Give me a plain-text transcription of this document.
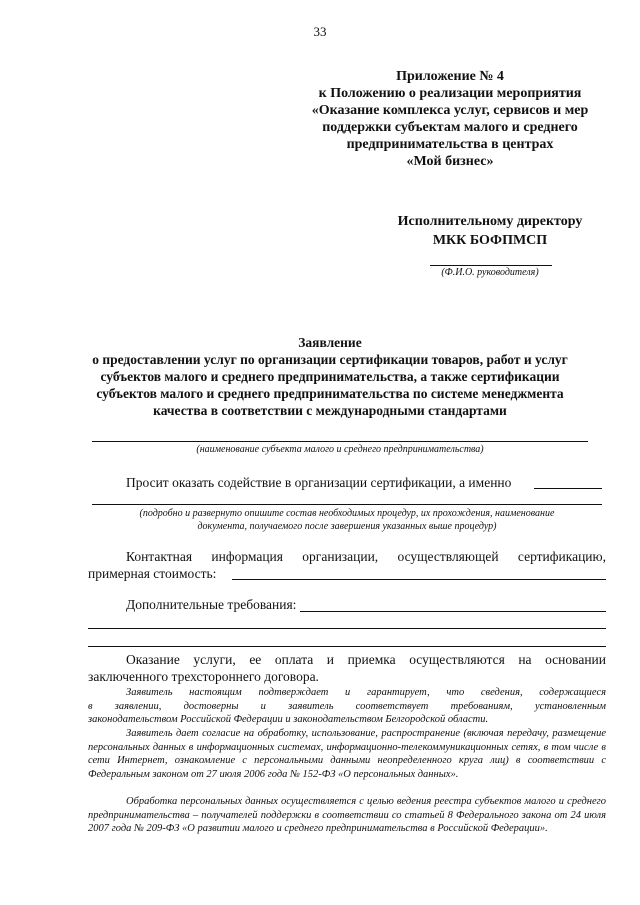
33
Приложение № 4
к Положению о реализации мероприятия
«Оказание комплекса услуг, сервисов и мер
поддержки субъектам малого и среднего
предпринимательства в центрах
«Мой бизнес»
Исполнительному директору
МКК БОФПМСП
(Ф.И.О. руководителя)
Заявление
о предоставлении услуг по организации сертификации товаров, работ и услуг
субъектов малого и среднего предпринимательства, а также сертификации
субъектов малого и среднего предпринимательства по системе менеджмента
качества в соответствии с международными стандартами
(наименование субъекта малого и среднего предпринимательства)
Просит оказать содействие в организации сертификации, а именно
(подробно и развернуто опишите состав необходимых процедур, их прохождения, наименование
документа, получаемого после завершения указанных выше процедур)
Контактная информация организации, осуществляющей сертификацию,
примерная стоимость:
Дополнительные требования:
Оказание услуги, ее оплата и приемка осуществляются на основании
заключенного трехстороннего договора.
Заявитель настоящим подтверждает и гарантирует, что сведения, содержащиеся
в заявлении, достоверны и заявитель соответствует требованиям, установленным
законодательством Российской Федерации и законодательством Белгородской области.
Заявитель дает согласие на обработку, использование, распространение (включая передачу, размещение персональных данных в информационных системах, информационно-телекоммуникационных сетях, в том числе в сети Интернет, ознакомление с персональными данными неопределенного круга лиц) в соответствии с Федеральным законом от 27 июля 2006 года № 152-ФЗ «О персональных данных».
Обработка персональных данных осуществляется с целью ведения реестра субъектов малого и среднего предпринимательства – получателей поддержки в соответствии со статьей 8 Федерального закона от 24 июля 2007 года № 209-ФЗ «О развитии малого и среднего предпринимательства в Российской Федерации».
